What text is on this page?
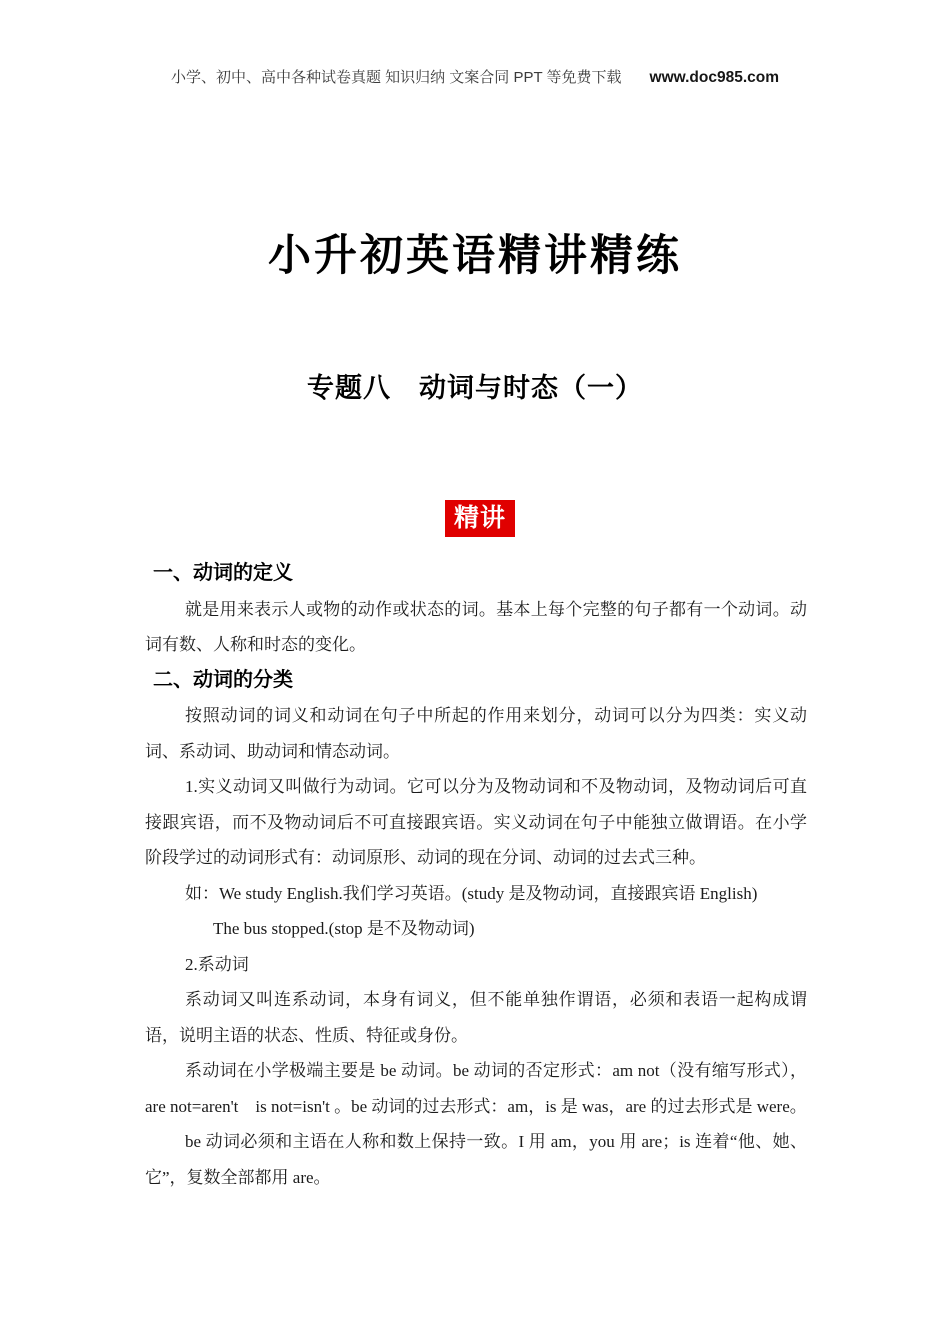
小学、初中、高中各种试卷真题 知识归纳 文案合同 PPT 等免费下载 www.doc985.com
小升初英语精讲精练
专题八　动词与时态（一）
精讲

一、动词的定义

就是用来表示人或物的动作或状态的词。基本上每个完整的句子都有一个动词。动词有数、人称和时态的变化。

二、动词的分类

按照动词的词义和动词在句子中所起的作用来划分，动词可以分为四类：实义动词、系动词、助动词和情态动词。

1.实义动词又叫做行为动词。它可以分为及物动词和不及物动词，及物动词后可直接跟宾语，而不及物动词后不可直接跟宾语。实义动词在句子中能独立做谓语。在小学阶段学过的动词形式有：动词原形、动词的现在分词、动词的过去式三种。

如：We study English.我们学习英语。(study 是及物动词，直接跟宾语 English)

The bus stopped.(stop 是不及物动词)

2.系动词

系动词又叫连系动词，本身有词义，但不能单独作谓语，必须和表语一起构成谓语，说明主语的状态、性质、特征或身份。

系动词在小学极端主要是 be 动词。be 动词的否定形式：am not（没有缩写形式），are not=aren't　is not=isn't 。be 动词的过去形式：am，is 是 was，are 的过去形式是 were。

be 动词必须和主语在人称和数上保持一致。I 用 am，you 用 are；is 连着“他、她、它”，复数全部都用 are。
